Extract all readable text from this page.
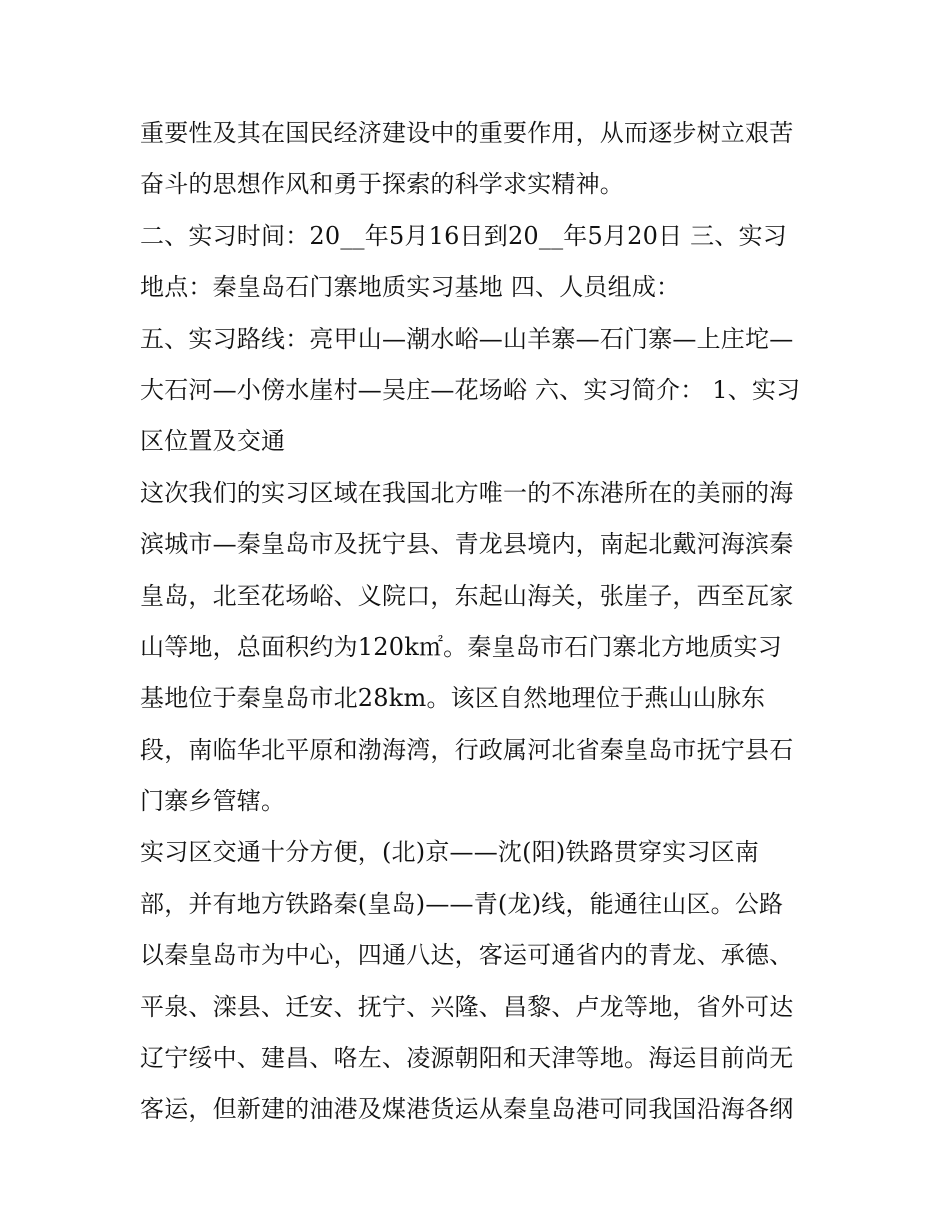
重要性及其在国民经济建设中的重要作用，从而逐步树立艰苦
奋斗的思想作风和勇于探索的科学求实精神。
二、实习时间：20__年5月16日到20__年5月20日 三、实习
地点：秦皇岛石门寨地质实习基地 四、人员组成：
五、实习路线：亮甲山—潮水峪—山羊寨—石门寨—上庄坨—
大石河—小傍水崖村—吴庄—花场峪 六、实习简介： 1、实习
区位置及交通
这次我们的实习区域在我国北方唯一的不冻港所在的美丽的海
滨城市—秦皇岛市及抚宁县、青龙县境内，南起北戴河海滨秦
皇岛，北至花场峪、义院口，东起山海关，张崖子，西至瓦家
山等地，总面积约为120k㎡。秦皇岛市石门寨北方地质实习
基地位于秦皇岛市北28km。该区自然地理位于燕山山脉东
段，南临华北平原和渤海湾，行政属河北省秦皇岛市抚宁县石
门寨乡管辖。
实习区交通十分方便，(北)京——沈(阳)铁路贯穿实习区南
部，并有地方铁路秦(皇岛)——青(龙)线，能通往山区。公路
以秦皇岛市为中心，四通八达，客运可通省内的青龙、承德、
平泉、滦县、迁安、抚宁、兴隆、昌黎、卢龙等地，省外可达
辽宁绥中、建昌、咯左、凌源朝阳和天津等地。海运目前尚无
客运，但新建的油港及煤港货运从秦皇岛港可同我国沿海各纲
